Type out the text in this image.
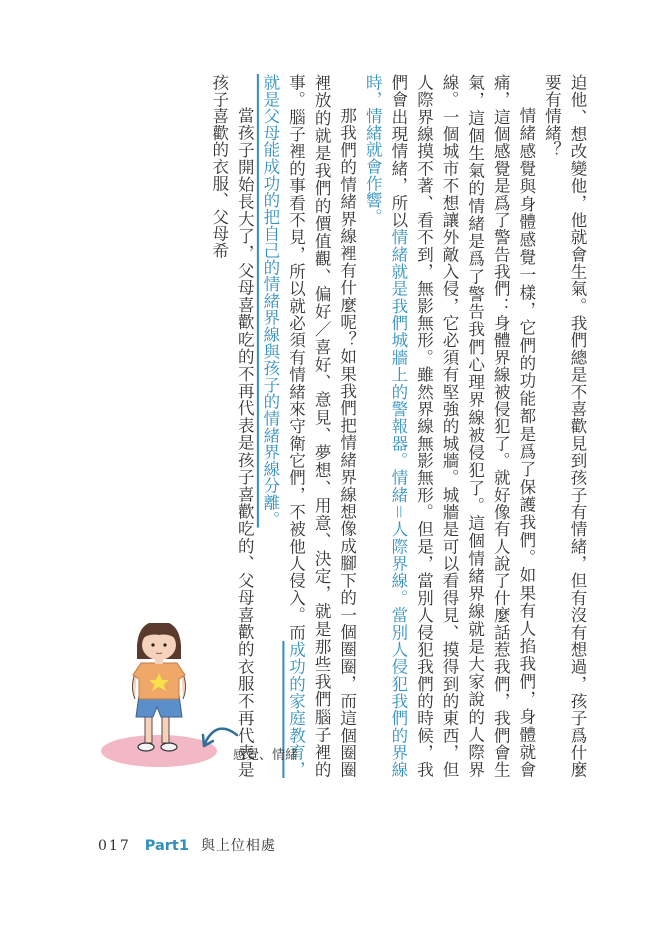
迫他、想改變他，他就會生氣。我們總是不喜歡見到孩子有情緒，但有沒有想過，孩子爲什麼要有情緒？

情緒感覺與身體感覺一樣，它們的功能都是爲了保護我們。如果有人掐我們，身體就會痛，這個感覺是爲了警告我們：身體界線被侵犯了。就好像有人說了什麼話惹我們，我們會生氣，這個生氣的情緒是爲了警告我們心理界線被侵犯了。這個情緒界線就是大家說的人際界線。一個城市不想讓外敵入侵，它必須有堅強的城牆。城牆是可以看得見、摸得到的東西，但人際界線摸不著、看不到，無影無形。雖然界線無影無形。但是，當別人侵犯我們的時候，我們會出現情緒，所以情緒就是我們城牆上的警報器。情緒＝人際界線。當別人侵犯我們的界線時，情緒就會作響。

那我們的情緒界線裡有什麼呢？如果我們把情緒界線想像成腳下的一個圈圈，而這個圈圈裡放的就是我們的價值觀、偏好／喜好、意見、夢想、用意、決定，就是那些我們腦子裡的事。腦子裡的事看不見，所以就必須有情緒來守衛它們，不被他人侵入。而成功的家庭教育，就是父母能成功的把自己的情緒界線與孩子的情緒界線分離。

當孩子開始長大了，父母喜歡吃的不再代表是孩子喜歡吃的、父母喜歡的衣服不再代表是孩子喜歡的衣服、父母希

感覺、情緒
017 Part1 與上位相處
